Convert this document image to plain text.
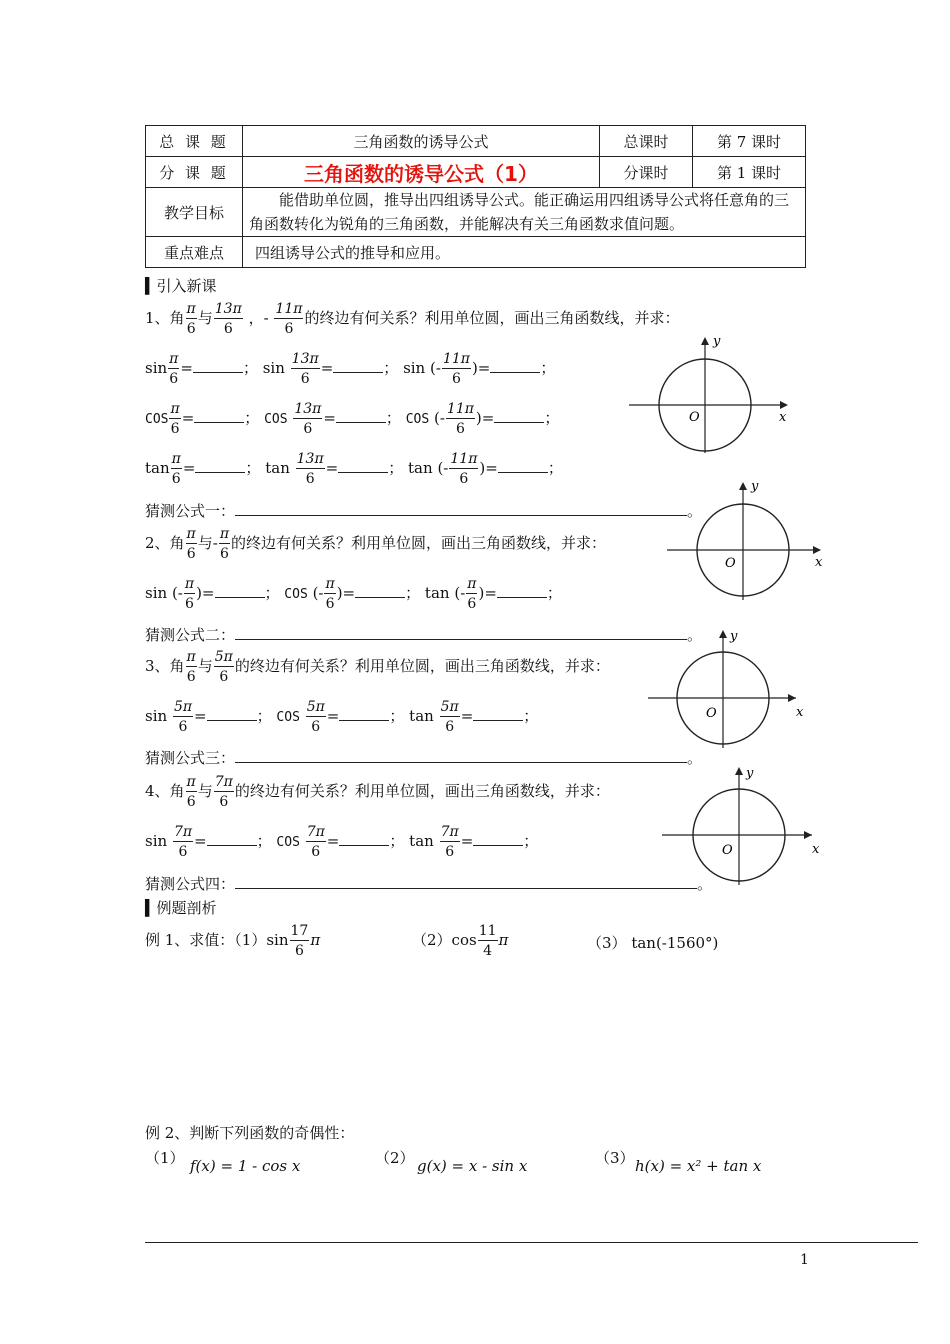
总 课 题	三角函数的诱导公式	总课时	第 7 课时
分 课 题	三角函数的诱导公式（1）	分课时	第 1 课时
教学目标	能借助单位圆，推导出四组诱导公式。能正确运用四组诱导公式将任意角的三角函数转化为锐角的三角函数，并能解决有关三角函数求值问题。		
重点难点	四组诱导公式的推导和应用。		
▍引入新课
1、角 $\frac{\pi}{6}$ 与 $\frac{13\pi}{6}$ ，- $\frac{11\pi}{6}$ 的终边有何关系？利用单位圆，画出三角函数线，并求：
$\sin \frac{\pi}{6}$ =	； $\sin \frac{13\pi}{6}$ =	； sin (- $\frac{11\pi}{6}$ )=	；
COS $\frac{\pi}{6}$ =	； COS $\frac{13\pi}{6}$ =	； COS (- $\frac{11\pi}{6}$ )=	；
$\tan \frac{\pi}{6}$ =	； $\tan \frac{13\pi}{6}$ =	； tan (- $\frac{11\pi}{6}$ )=	；
猜测公式一：	。
2、角 $\frac{\pi}{6}$ 与- $\frac{\pi}{6}$ 的终边有何关系？利用单位圆，画出三角函数线，并求：
sin (- $\frac{\pi}{6}$ )=	； COS (- $\frac{\pi}{6}$ )=	； tan (- $\frac{\pi}{6}$ )=	；
猜测公式二：	。
3、角 $\frac{\pi}{6}$ 与 $\frac{5\pi}{6}$ 的终边有何关系？利用单位圆，画出三角函数线，并求：
$\sin \frac{5\pi}{6}$ =	； COS $\frac{5\pi}{6}$ =	； $\tan \frac{5\pi}{6}$ =	；
猜测公式三：	。
4、角 $\frac{\pi}{6}$ 与 $\frac{7\pi}{6}$ 的终边有何关系？利用单位圆，画出三角函数线，并求：
$\sin \frac{7\pi}{6}$ =	； COS $\frac{7\pi}{6}$ =	； $\tan \frac{7\pi}{6}$ =	；
猜测公式四：	。
y
x
O
y
x
O
y
x
O
y
x
O
▍例题剖析
例 1、求值：$(1)\sin \frac{17}{6}$ π	$(2)\cos \frac{11}{4}$ π	（3） tan(-1560°)
例 2、判断下列函数的奇偶性：
（1） f(x) = 1 - cos x	（2） g(x) = x - sin x	（3） h(x) = x² + tan x
1
